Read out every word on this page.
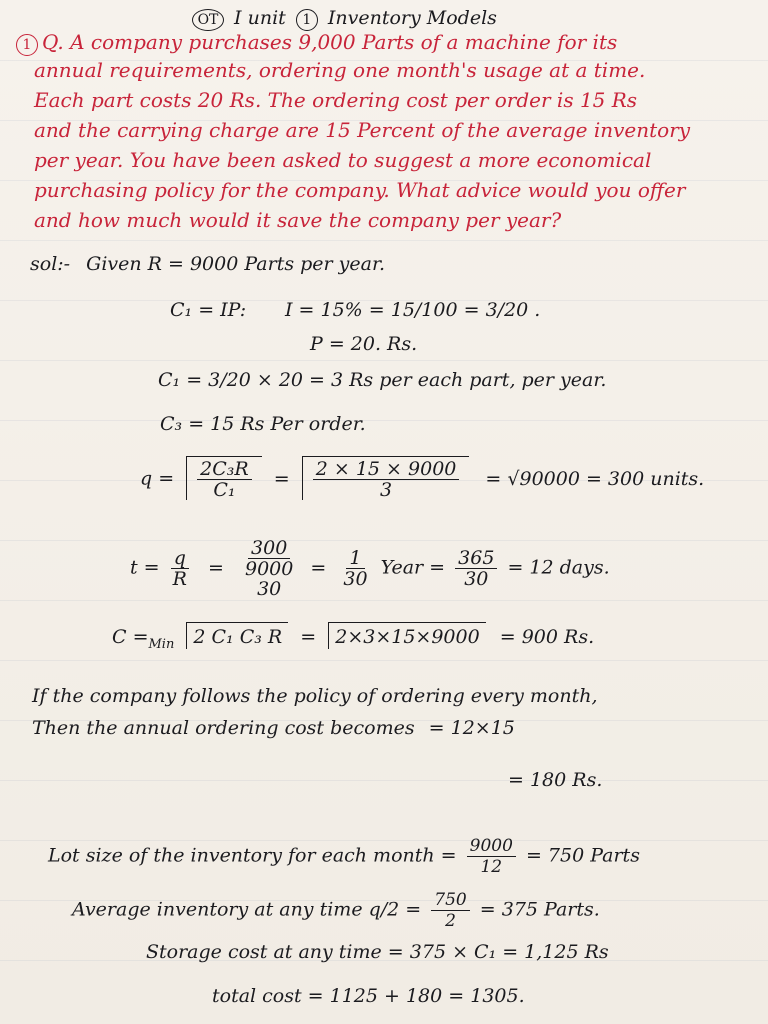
OT I unit 1 Inventory Models
1 Q. A company purchases 9,000 Parts of a machine for its
annual requirements, ordering one month's usage at a time.
Each part costs 20 Rs. The ordering cost per order is 15 Rs
and the carrying charge are 15 Percent of the average inventory
per year. You have been asked to suggest a more economical
purchasing policy for the company. What advice would you offer
and how much would it save the company per year?
sol:- Given R = 9000 Parts per year.
C₁ = IP: I = 15% = 15/100 = 3/20 .
P = 20. Rs.
C₁ = 3/20 × 20 = 3 Rs per each part, per year.
C₃ = 15 Rs Per order.
$q = \frac{\text{2C₃R}}{\text{C₁}} = \frac{2 \times 15 \times 9000}{3} = √90000 = 300$ units.
$t = \frac{q}{R}$ =
300
9000
30
= $\frac{1}{30}$ Year = $\frac{365}{30} = 12$ days.
$C =_{Min}$ 2 C₁ C₃ R = 2×3×15×9000 = 900 Rs.
If the company follows the policy of ordering every month,
Then the annual ordering cost becomes = 12×15
= 180 Rs.
Lot size of the inventory for each month = $\frac{9000}{12} = 750$ Parts
Average inventory at any time $q/2 = \frac{750}{2} = 375$ Parts.
Storage cost at any time = 375 × C₁ = 1,125 Rs
total cost = 1125 + 180 = 1305.
